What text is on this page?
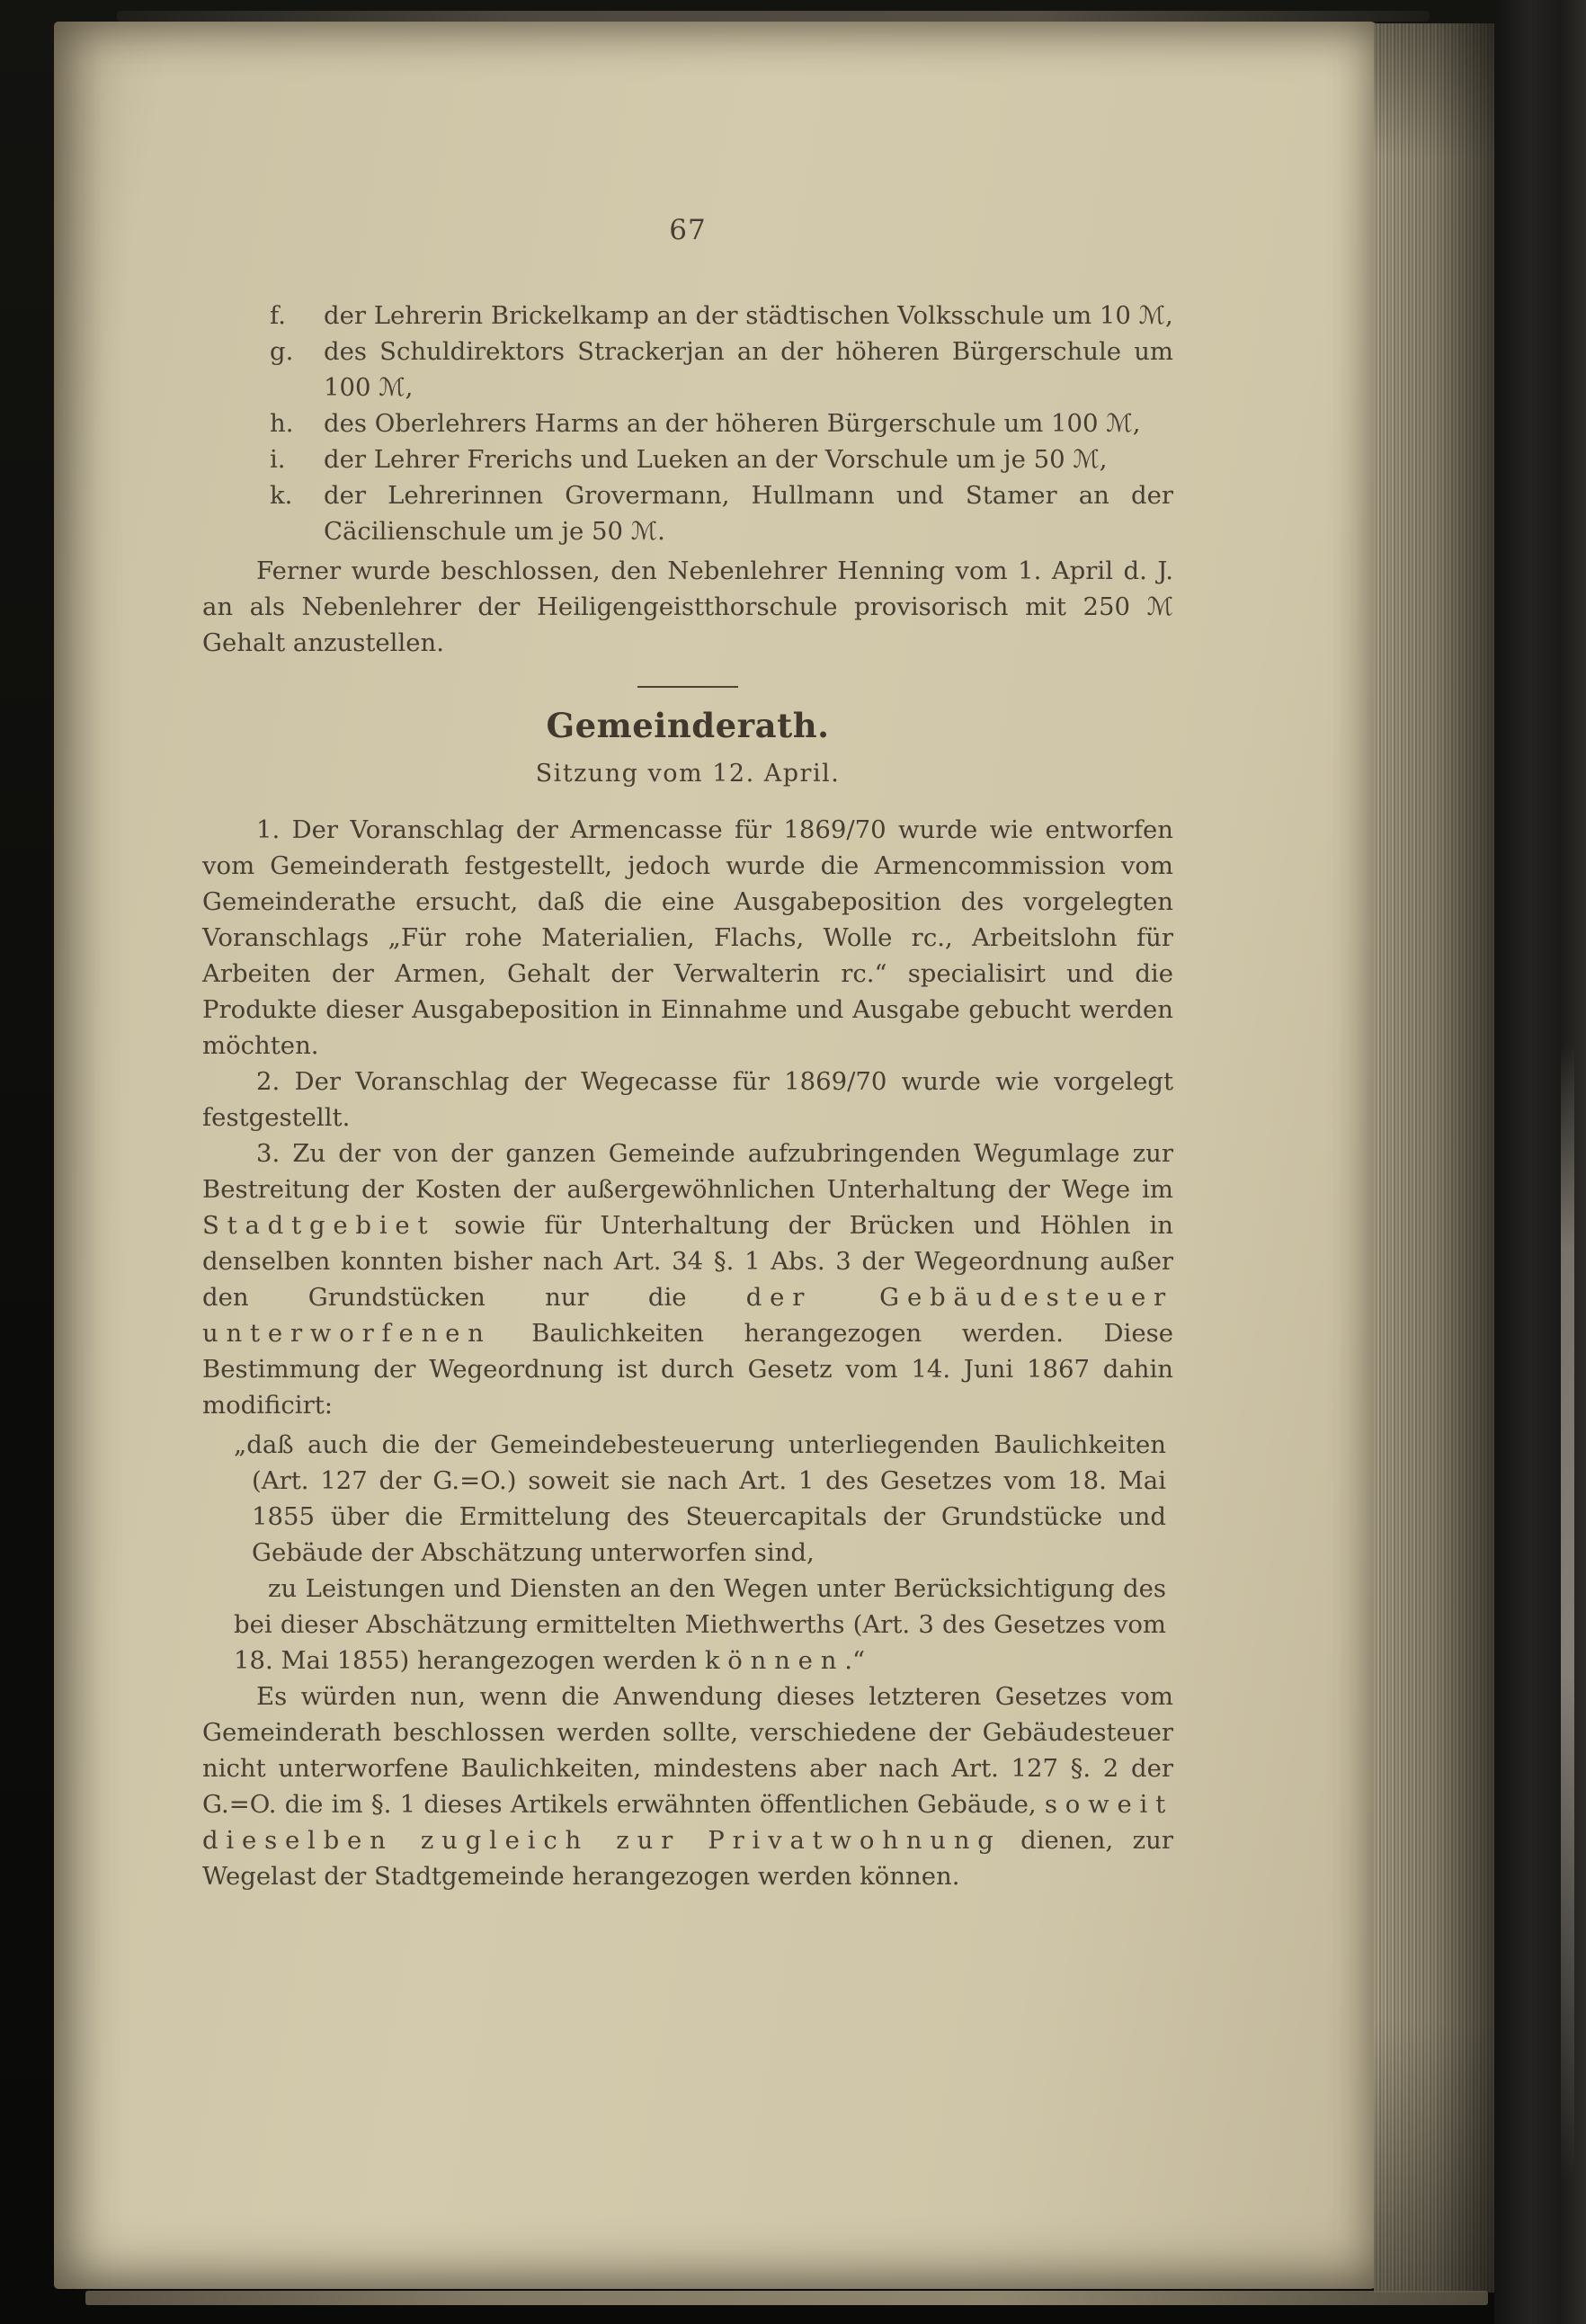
67
f.	der Lehrerin Brickelkamp an der städtischen Volksschule um 10 ℳ,
g.	des Schuldirektors Strackerjan an der höheren Bürgerschule um 100 ℳ,
h.	des Oberlehrers Harms an der höheren Bürgerschule um 100 ℳ,
i.	der Lehrer Frerichs und Lueken an der Vorschule um je 50 ℳ,
k.	der Lehrerinnen Grovermann, Hullmann und Stamer an der Cäcilienschule um je 50 ℳ.

Ferner wurde beschlossen, den Nebenlehrer Henning vom 1. April d. J. an als Nebenlehrer der Heiligengeistthorschule provisorisch mit 250 ℳ Gehalt anzustellen.

Gemeinderath.
Sitzung vom 12. April.

1. Der Voranschlag der Armencasse für 1869/70 wurde wie entworfen vom Gemeinderath festgestellt, jedoch wurde die Armencommission vom Gemeinderathe ersucht, daß die eine Ausgabeposition des vorgelegten Voranschlags „Für rohe Materialien, Flachs, Wolle rc., Arbeitslohn für Arbeiten der Armen, Gehalt der Verwalterin rc.“ specialisirt und die Produkte dieser Ausgabeposition in Einnahme und Ausgabe gebucht werden möchten.

2. Der Voranschlag der Wegecasse für 1869/70 wurde wie vorgelegt festgestellt.

3. Zu der von der ganzen Gemeinde aufzubringenden Wegumlage zur Bestreitung der Kosten der außergewöhnlichen Unterhaltung der Wege im Stadtgebiet sowie für Unterhaltung der Brücken und Höhlen in denselben konnten bisher nach Art. 34 §. 1 Abs. 3 der Wegeordnung außer den Grundstücken nur die der Gebäudesteuer unterworfenen Baulichkeiten herangezogen werden. Diese Bestimmung der Wegeordnung ist durch Gesetz vom 14. Juni 1867 dahin modificirt:

„daß auch die der Gemeindebesteuerung unterliegenden Baulichkeiten (Art. 127 der G.=O.) soweit sie nach Art. 1 des Gesetzes vom 18. Mai 1855 über die Ermittelung des Steuercapitals der Grundstücke und Gebäude der Abschätzung unterworfen sind,

zu Leistungen und Diensten an den Wegen unter Berücksichtigung des bei dieser Abschätzung ermittelten Miethwerths (Art. 3 des Gesetzes vom 18. Mai 1855) herangezogen werden können.“

Es würden nun, wenn die Anwendung dieses letzteren Gesetzes vom Gemeinderath beschlossen werden sollte, verschiedene der Gebäudesteuer nicht unterworfene Baulichkeiten, mindestens aber nach Art. 127 §. 2 der G.=O. die im §. 1 dieses Artikels erwähnten öffentlichen Gebäude, soweit dieselben zugleich zur Privatwohnung dienen, zur Wegelast der Stadtgemeinde herangezogen werden können.
